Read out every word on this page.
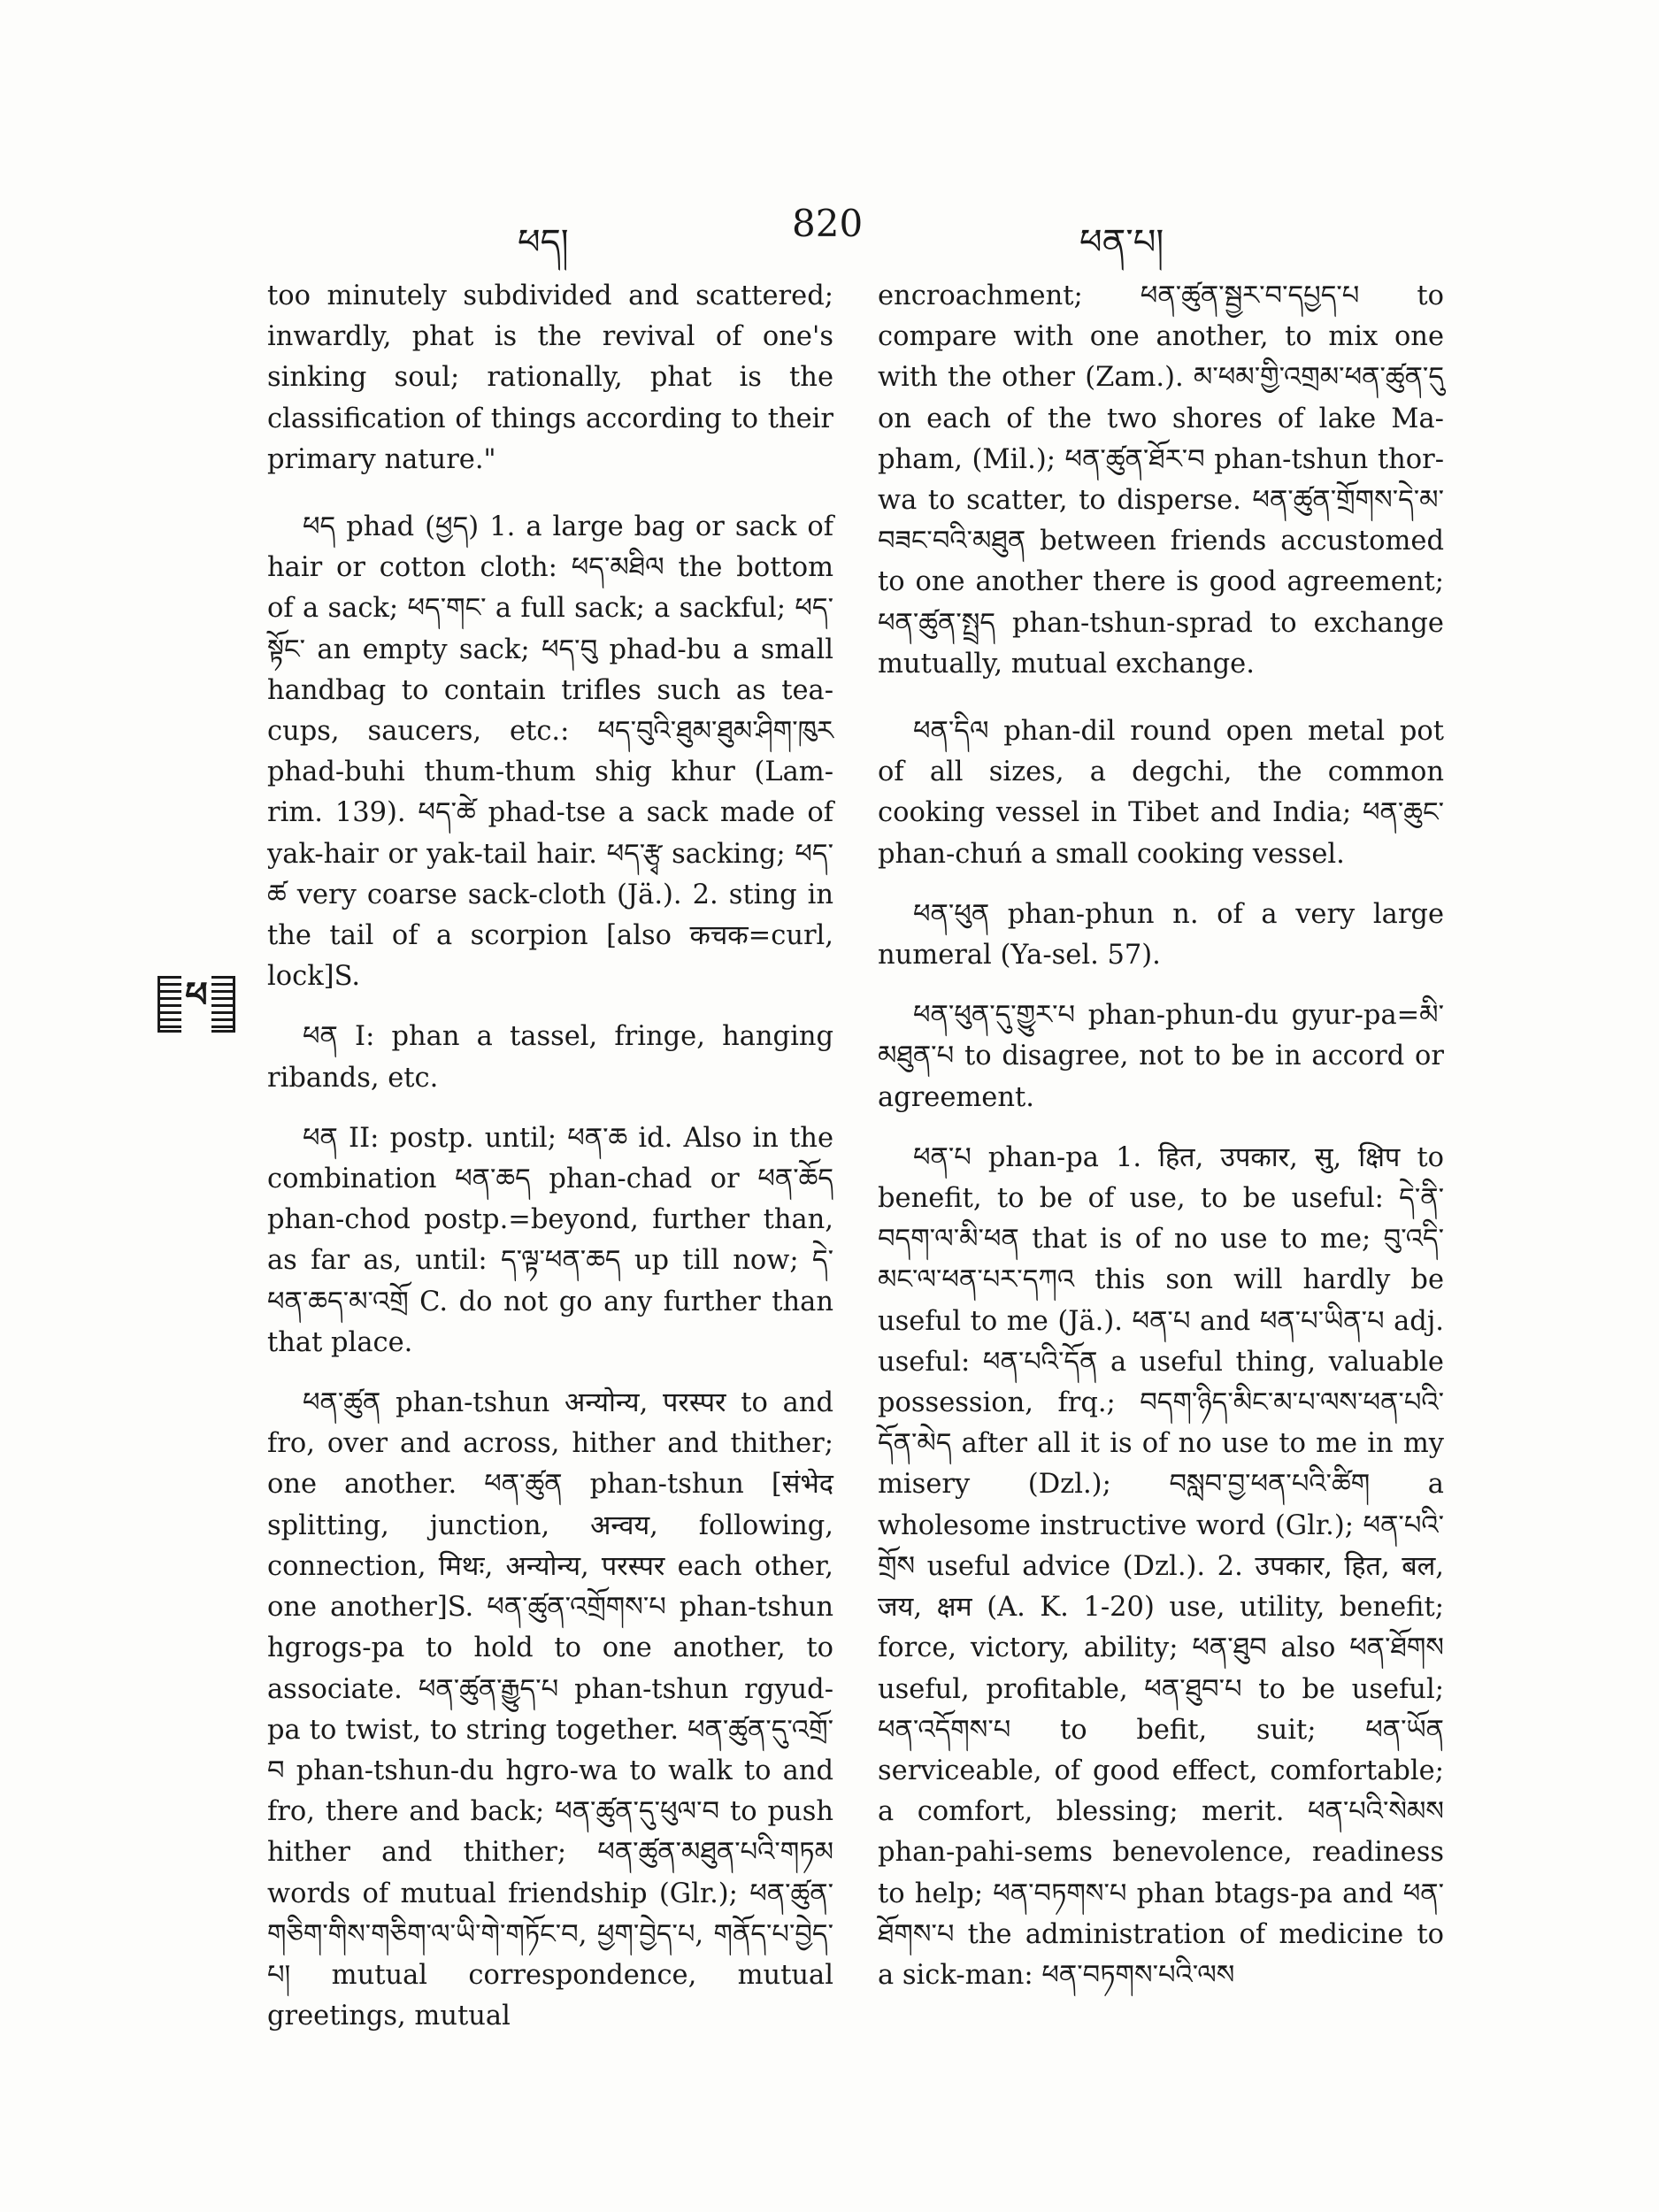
ཕད།	820	ཕན་པ།
ཕ

too minutely subdivided and scattered; inwardly, phat is the revival of one's sinking soul; rationally, phat is the classification of things according to their primary nature."

ཕད phad (ཕྱད) 1. a large bag or sack of hair or cotton cloth: ཕད་མཐིལ the bottom of a sack; ཕད་གང་ a full sack; a sackful; ཕད་སྟོང་ an empty sack; ཕད་བུ phad-bu a small handbag to contain trifles such as tea-cups, saucers, etc.: ཕད་བུའི་ཐུམ་ཐུམ་ཤིག་ཁུར phad-buhi thum-thum shig khur (Lam-rim. 139). ཕད་ཚེ phad-tse a sack made of yak-hair or yak-tail hair. ཕད་རྩྭ sacking; ཕད་ཚ very coarse sack-cloth (Jä.). 2. sting in the tail of a scorpion [also कचक=curl, lock]S.

ཕན I: phan a tassel, fringe, hanging ribands, etc.

ཕན II: postp. until; ཕན་ཆ id. Also in the combination ཕན་ཆད phan-chad or ཕན་ཆོད phan-chod postp.=beyond, further than, as far as, until: ད་ལྟ་ཕན་ཆད up till now; དེ་ཕན་ཆད་མ་འགྲོ C. do not go any further than that place.

ཕན་ཚུན phan-tshun अन्योन्य, परस्पर to and fro, over and across, hither and thither; one another. ཕན་ཚུན phan-tshun [संभेद splitting, junction, अन्वय, following, connection, मिथः, अन्योन्य, परस्पर each other, one another]S. ཕན་ཚུན་འགྲོགས་པ phan-tshun hgrogs-pa to hold to one another, to associate. ཕན་ཚུན་རྒྱུད་པ phan-tshun rgyud-pa to twist, to string together. ཕན་ཚུན་དུ་འགྲོ་བ phan-tshun-du hgro-wa to walk to and fro, there and back; ཕན་ཚུན་དུ་ཕུལ་བ to push hither and thither; ཕན་ཚུན་མཐུན་པའི་གཏམ words of mutual friendship (Glr.); ཕན་ཚུན་ གཅིག་གིས་གཅིག་ལ་ཡི་གེ་གཏོང་བ, ཕྱག་བྱེད་པ, གནོད་པ་བྱེད་པ། mutual correspondence, mutual greetings, mutual

encroachment; ཕན་ཚུན་སྦྱར་བ་དཔྱད་པ to compare with one another, to mix one with the other (Zam.). མ་ཕམ་གྱི་འགྲམ་ཕན་ཚུན་དུ on each of the two shores of lake Ma-pham, (Mil.); ཕན་ཚུན་ཐོར་བ phan-tshun thor-wa to scatter, to disperse. ཕན་ཚུན་གྲོགས་དེ་མ་བཟང་བའི་མཐུན between friends accustomed to one another there is good agreement; ཕན་ཚུན་སྤྲད phan-tshun-sprad to exchange mutually, mutual exchange.

ཕན་དིལ phan-dil round open metal pot of all sizes, a degchi, the common cooking vessel in Tibet and India; ཕན་ཆུང་ phan-chuń a small cooking vessel.

ཕན་ཕུན phan-phun n. of a very large numeral (Ya-sel. 57).

ཕན་ཕུན་དུ་གྱུར་པ phan-phun-du gyur-pa=མི་མཐུན་པ to disagree, not to be in accord or agreement.

ཕན་པ phan-pa 1. हित, उपकार, सु, क्षिप to benefit, to be of use, to be useful: དེ་ནི་བདག་ལ་མི་ཕན that is of no use to me; བུ་འདི་མང་ལ་ཕན་པར་དཀའ this son will hardly be useful to me (Jä.). ཕན་པ and ཕན་པ་ཡིན་པ adj. useful: ཕན་པའི་དོན a useful thing, valuable possession, frq.; བདག་ཉིད་མིང་མ་པ་ལས་ཕན་པའི་དོན་མེད after all it is of no use to me in my misery (Dzl.); བསླབ་བྱ་ཕན་པའི་ཚིག a wholesome instructive word (Glr.); ཕན་པའི་གྲོས useful advice (Dzl.). 2. उपकार, हित, बल, जय, क्षम (A. K. 1-20) use, utility, benefit; force, victory, ability; ཕན་ཐུབ also ཕན་ཐོགས useful, profitable, ཕན་ཐུབ་པ to be useful; ཕན་འདོགས་པ to befit, suit; ཕན་ཡོན serviceable, of good effect, comfortable; a comfort, blessing; merit. ཕན་པའི་སེམས phan-pahi-sems benevolence, readiness to help; ཕན་བཏགས་པ phan btags-pa and ཕན་ཐོགས་པ the administration of medicine to a sick-man: ཕན་བཏགས་པའི་ལས
